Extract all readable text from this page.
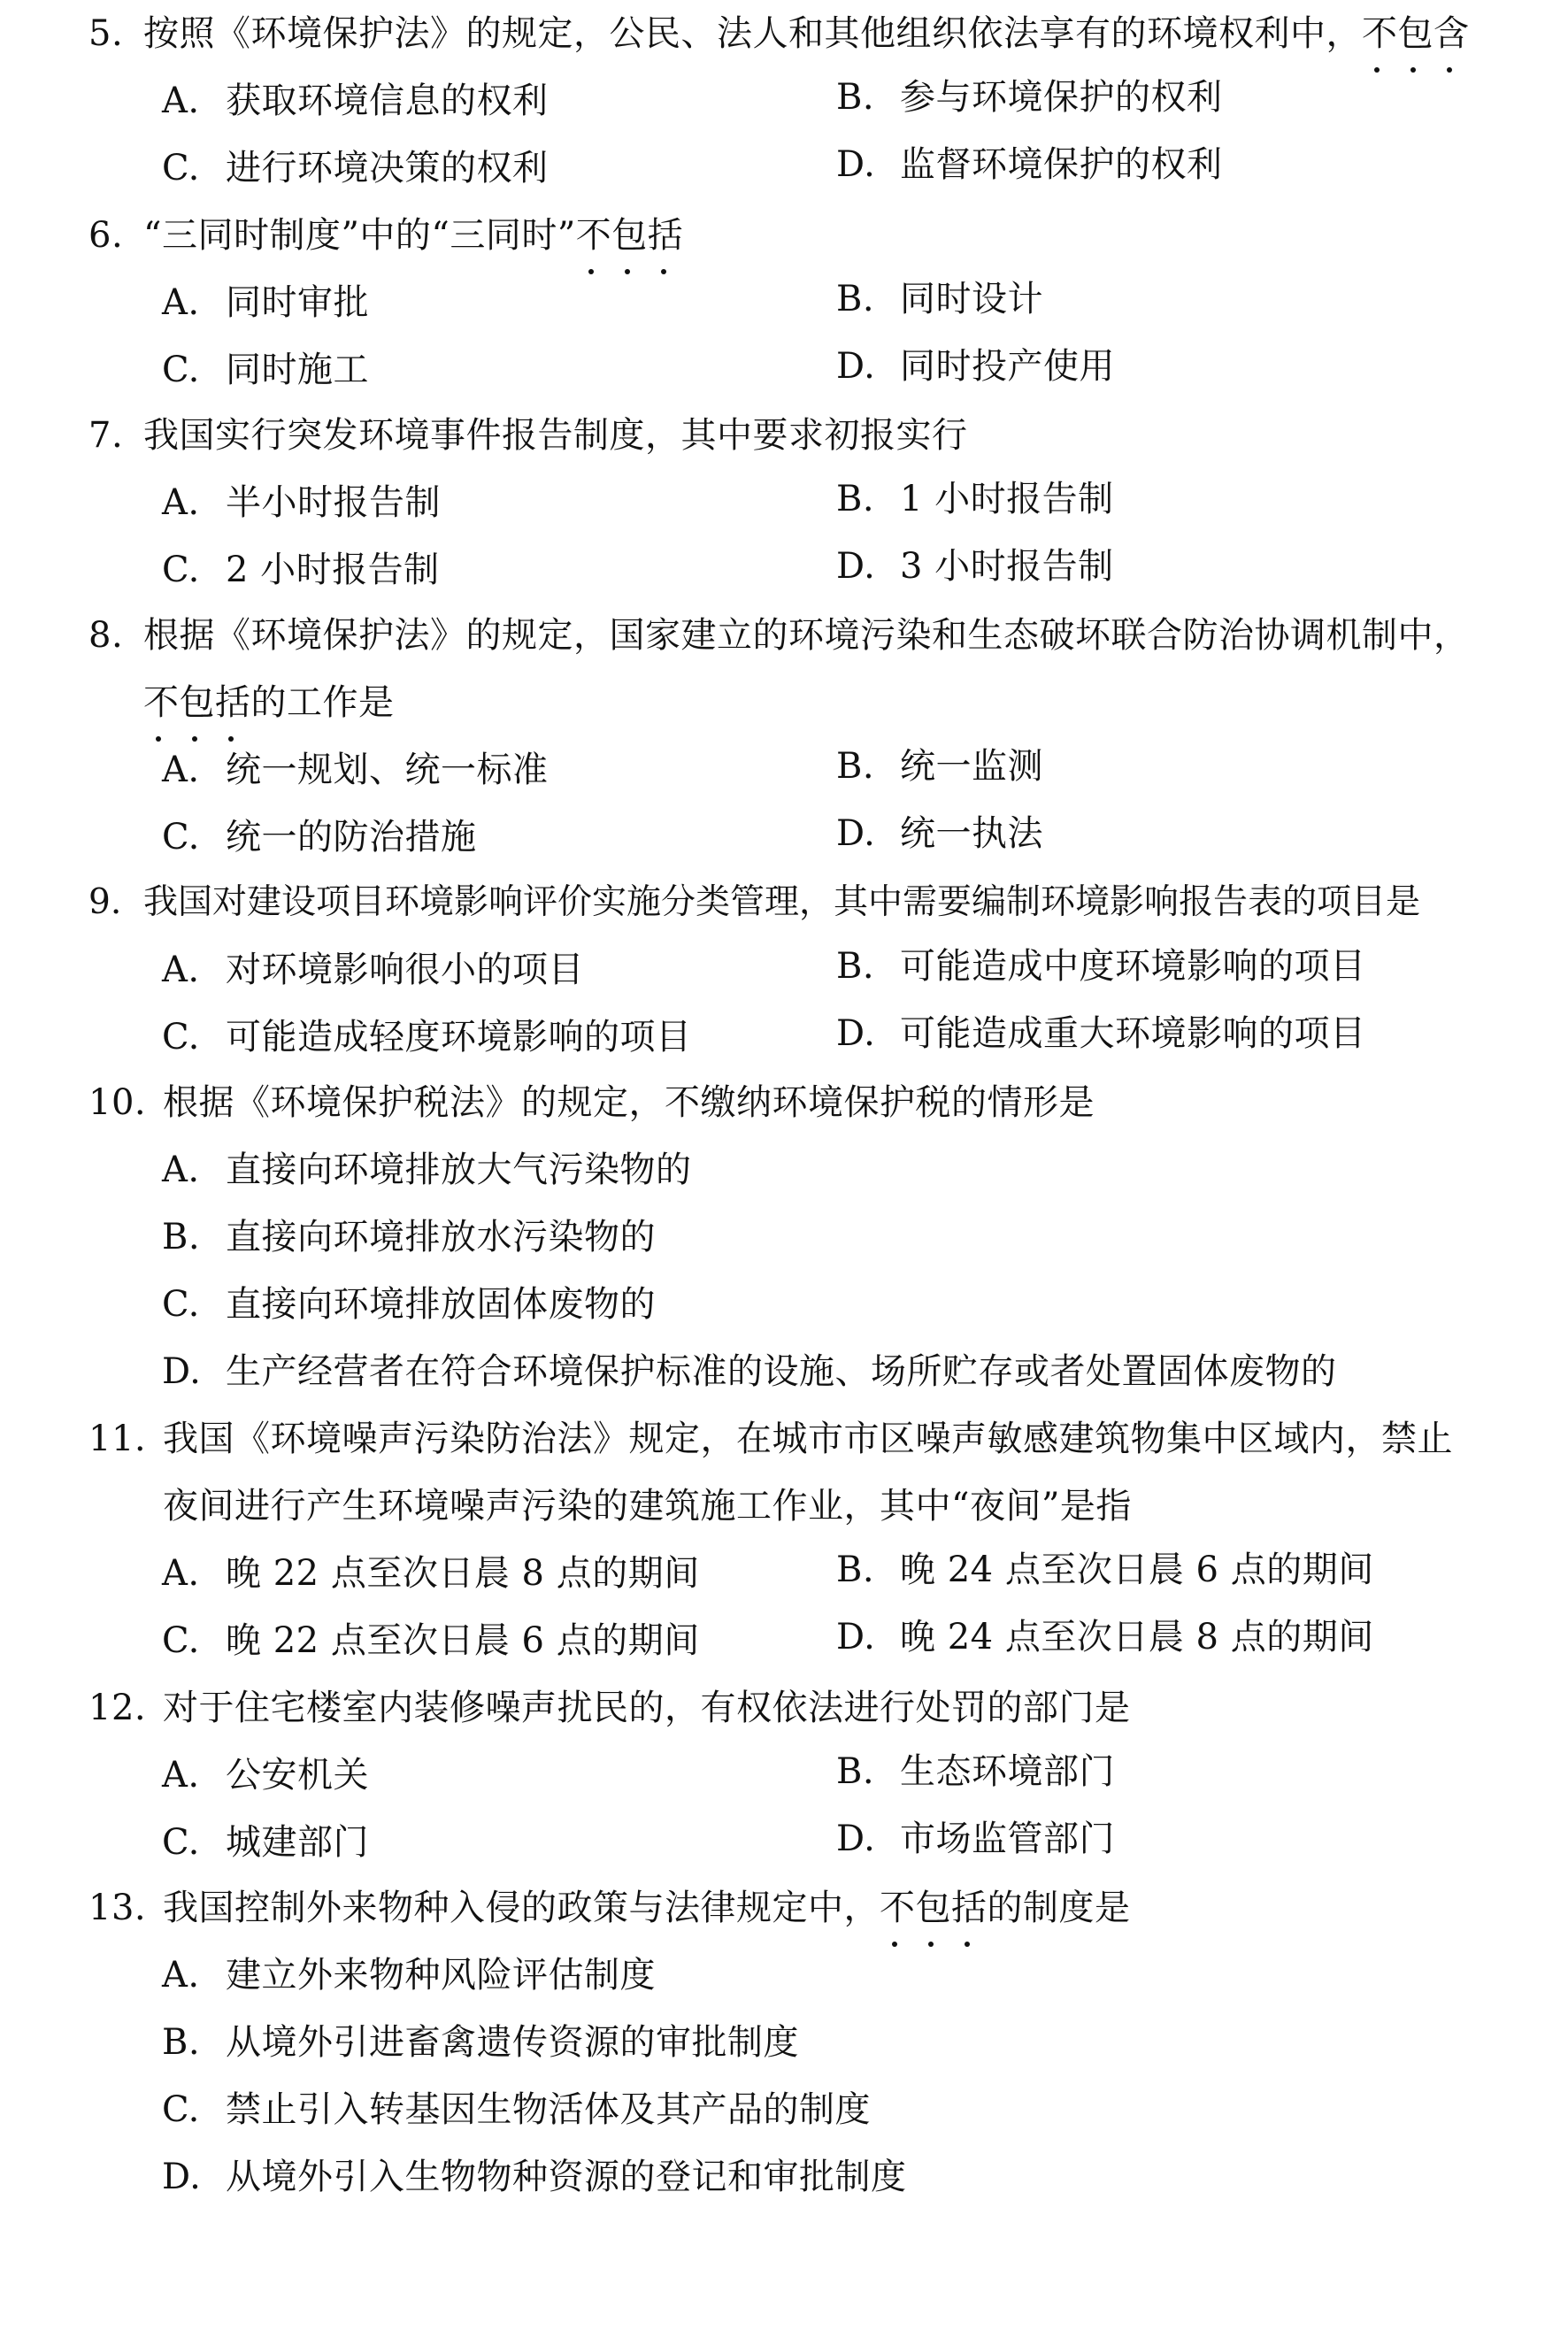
5. 按照《环境保护法》的规定，公民、法人和其他组织依法享有的环境权利中，不包含
A. 获取环境信息的权利	B. 参与环境保护的权利
C. 进行环境决策的权利	D. 监督环境保护的权利
6. “三同时制度”中的“三同时”不包括
A. 同时审批	B. 同时设计
C. 同时施工	D. 同时投产使用
7. 我国实行突发环境事件报告制度，其中要求初报实行
A. 半小时报告制	B. 1 小时报告制
C. 2 小时报告制	D. 3 小时报告制
8. 根据《环境保护法》的规定，国家建立的环境污染和生态破坏联合防治协调机制中，
不包括
的工作是
A. 统一规划、统一标准	B. 统一监测
C. 统一的防治措施	D. 统一执法
9. 我国对建设项目环境影响评价实施分类管理，其中需要编制环境影响报告表的项目是
A. 对环境影响很小的项目	B. 可能造成中度环境影响的项目
C. 可能造成轻度环境影响的项目	D. 可能造成重大环境影响的项目
10. 根据《环境保护税法》的规定，不缴纳环境保护税的情形是
A. 直接向环境排放大气污染物的
B. 直接向环境排放水污染物的
C. 直接向环境排放固体废物的
D. 生产经营者在符合环境保护标准的设施、场所贮存或者处置固体废物的
11. 我国《环境噪声污染防治法》规定，在城市市区噪声敏感建筑物集中区域内，禁止
夜间进行产生环境噪声污染的建筑施工作业，其中“夜间”是指
A. 晚 22 点至次日晨 8 点的期间	B. 晚 24 点至次日晨 6 点的期间
C. 晚 22 点至次日晨 6 点的期间	D. 晚 24 点至次日晨 8 点的期间
12. 对于住宅楼室内装修噪声扰民的，有权依法进行处罚的部门是
A. 公安机关	B. 生态环境部门
C. 城建部门	D. 市场监管部门
13. 我国控制外来物种入侵的政策与法律规定中，不包括
的制度是
A. 建立外来物种风险评估制度
B. 从境外引进畜禽遗传资源的审批制度
C. 禁止引入转基因生物活体及其产品的制度
D. 从境外引入生物物种资源的登记和审批制度
